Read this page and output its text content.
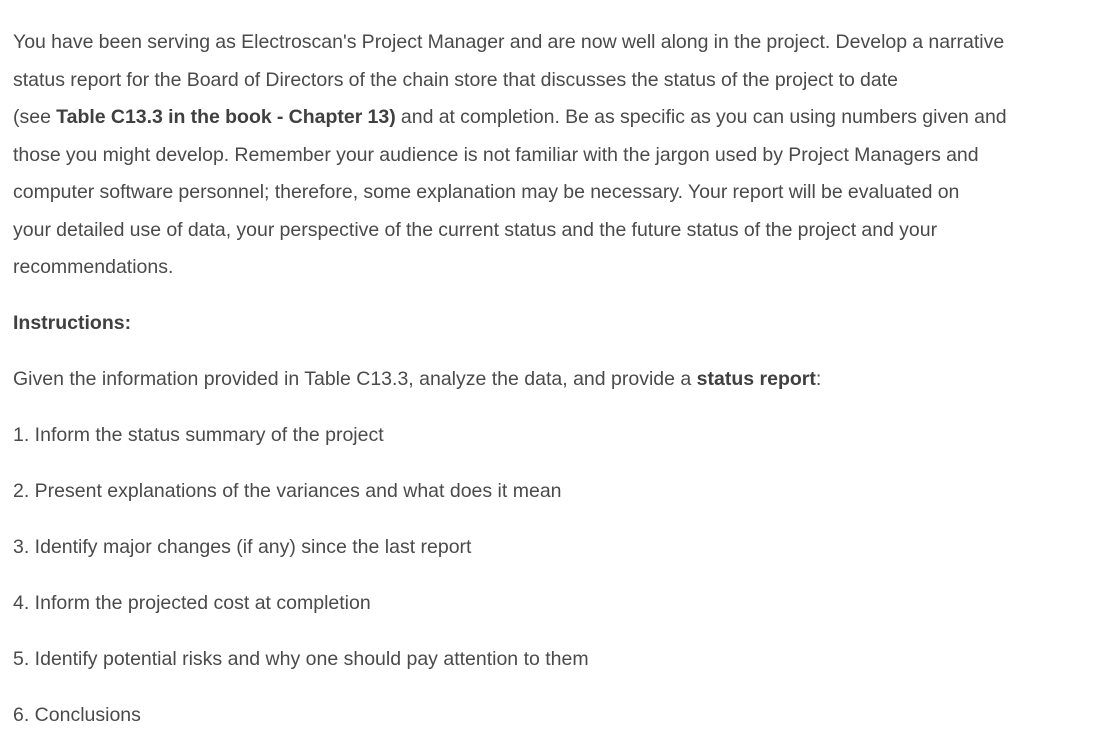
You have been serving as Electroscan's Project Manager and are now well along in the project. Develop a narrative
status report for the Board of Directors of the chain store that discusses the status of the project to date
(see Table C13.3 in the book - Chapter 13) and at completion. Be as specific as you can using numbers given and
those you might develop. Remember your audience is not familiar with the jargon used by Project Managers and
computer software personnel; therefore, some explanation may be necessary. Your report will be evaluated on
your detailed use of data, your perspective of the current status and the future status of the project and your
recommendations.

Instructions:

Given the information provided in Table C13.3, analyze the data, and provide a status report:

1. Inform the status summary of the project
2. Present explanations of the variances and what does it mean
3. Identify major changes (if any) since the last report
4. Inform the projected cost at completion
5. Identify potential risks and why one should pay attention to them
6. Conclusions
